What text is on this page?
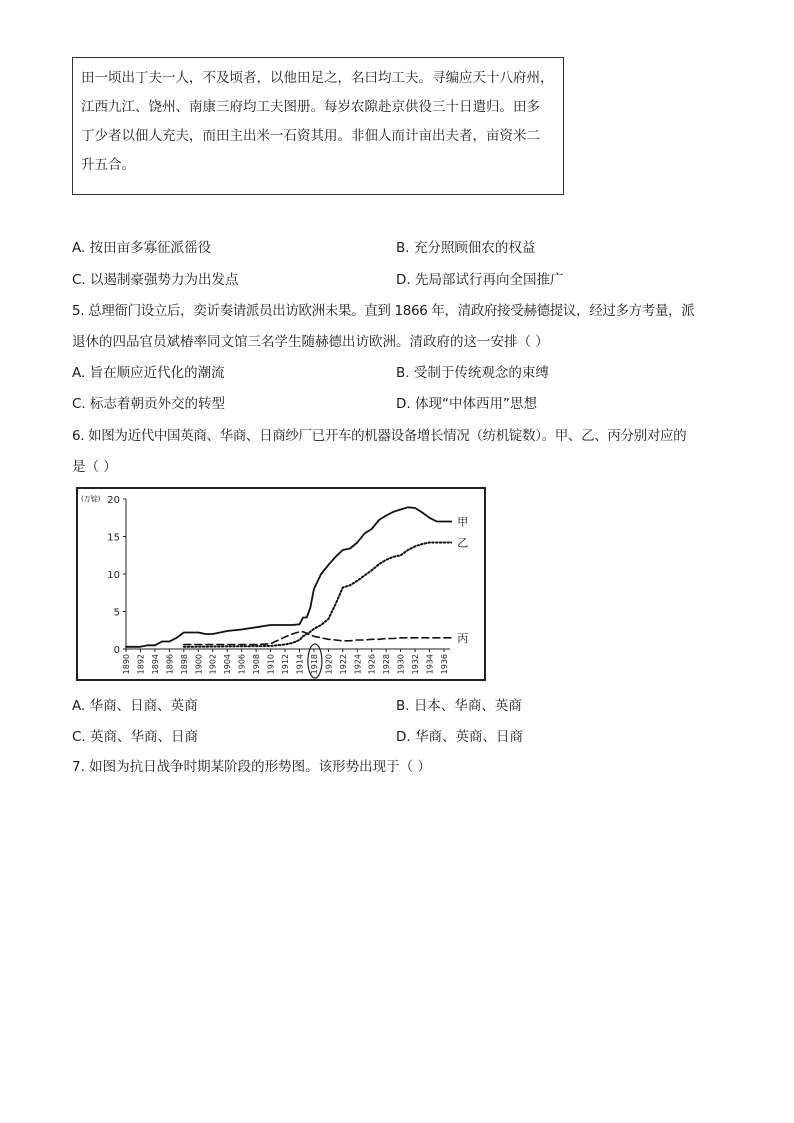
田一顷出丁夫一人，不及顷者，以他田足之，名曰均工夫。寻编应天十八府州，
江西九江、饶州、南康三府均工夫图册。每岁农隙赴京供役三十日遣归。田多
丁少者以佃人充夫，而田主出米一石资其用。非佃人而计亩出夫者，亩资米二
升五合。
A. 按田亩多寡征派徭役	B. 充分照顾佃农的权益
C. 以遏制豪强势力为出发点	D. 先局部试行再向全国推广
5. 总理衙门设立后，奕䜣奏请派员出访欧洲未果。直到 1866 年，清政府接受赫德提议，经过多方考量，派
退休的四品官员斌椿率同文馆三名学生随赫德出访欧洲。清政府的这一安排（ ）
A. 旨在顺应近代化的潮流	B. 受制于传统观念的束缚
C. 标志着朝贡外交的转型	D. 体现“中体西用”思想
6. 如图为近代中国英商、华商、日商纱厂已开车的机器设备增长情况（纺机锭数）。甲、乙、丙分别对应的
是（ ）
0
5
10
15
20
(万锭)
1890 1892 1894 1896 1898 1900 1902 1904 1906 1908 1910 1912 1914 1918 1920 1922 1924 1926 1928 1930 1932 1934 1936
甲
乙
丙
A. 华商、日商、英商	B. 日本、华商、英商
C. 英商、华商、日商	D. 华商、英商、日商
7. 如图为抗日战争时期某阶段的形势图。该形势出现于（ ）
